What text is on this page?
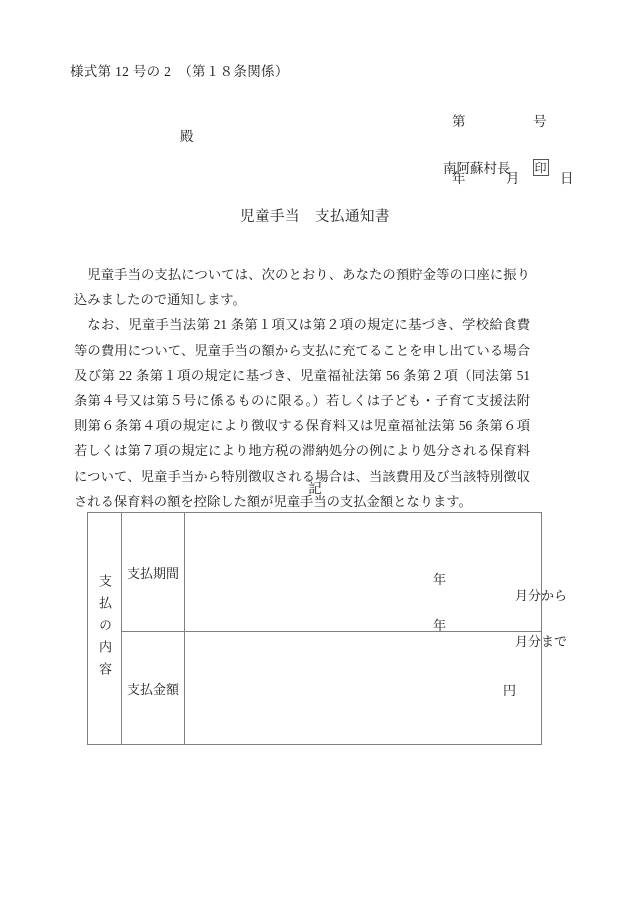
様式第 12 号の 2　（第１８条関係）

第　　　　　号

年　　　月　　　日

殿
南阿蘇村長 印
児童手当　支払通知書

児童手当の支払については、次のとおり、あなたの預貯金等の口座に振り込みましたので通知します。

なお、児童手当法第 21 条第１項又は第２項の規定に基づき、学校給食費等の費用について、児童手当の額から支払に充てることを申し出ている場合及び第 22 条第１項の規定に基づき、児童福祉法第 56 条第２項（同法第 51 条第４号又は第５号に係るものに限る。）若しくは子ども・子育て支援法附則第６条第４項の規定により徴収する保育料又は児童福祉法第 56 条第６項若しくは第７項の規定により地方税の滞納処分の例により処分される保育料について、児童手当から特別徴収される場合は、当該費用及び当該特別徴収される保育料の額を控除した額が児童手当の支払金額となります。

記
支払の内容	支払期間	年

月分から

年

月分まで

	支払金額	円
